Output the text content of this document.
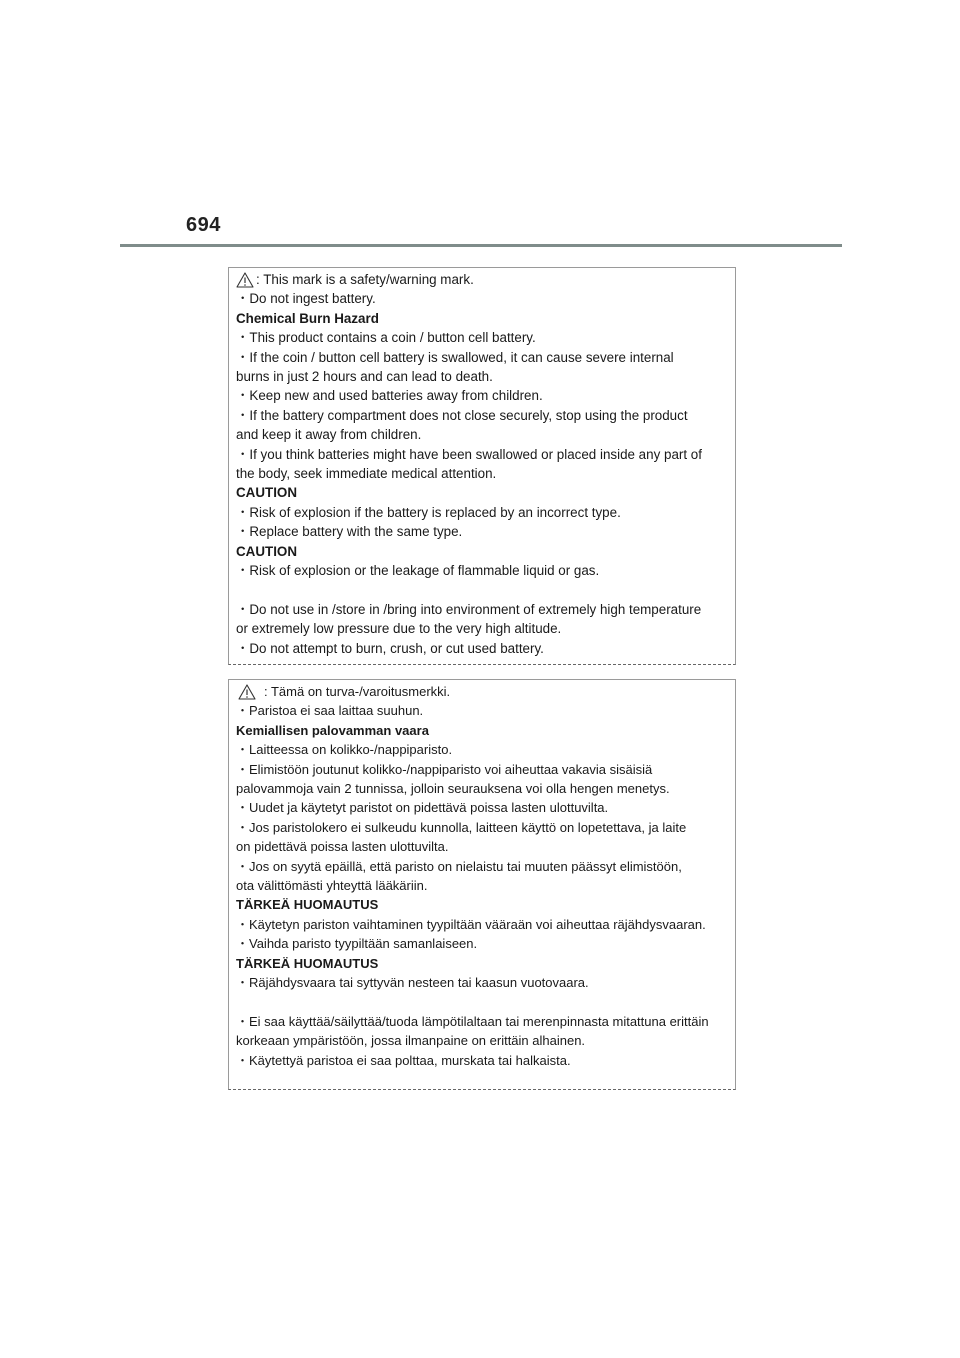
694
: This mark is a safety/warning mark.
・Do not ingest battery.
Chemical Burn Hazard
・This product contains a coin / button cell battery.
・If the coin / button cell battery is swallowed, it can cause severe internal
burns in just 2 hours and can lead to death.
・Keep new and used batteries away from children.
・If the battery compartment does not close securely, stop using the product
and keep it away from children.
・If you think batteries might have been swallowed or placed inside any part of
the body, seek immediate medical attention.
CAUTION
・Risk of explosion if the battery is replaced by an incorrect type.
・Replace battery with the same type.
CAUTION
・Risk of explosion or the leakage of flammable liquid or gas.
・Do not use in /store in /bring into environment of extremely high temperature
or extremely low pressure due to the very high altitude.
・Do not attempt to burn, crush, or cut used battery.
: Tämä on turva-/varoitusmerkki.
・Paristoa ei saa laittaa suuhun.
Kemiallisen palovamman vaara
・Laitteessa on kolikko-/nappiparisto.
・Elimistöön joutunut kolikko-/nappiparisto voi aiheuttaa vakavia sisäisiä
palovammoja vain 2 tunnissa, jolloin seurauksena voi olla hengen menetys.
・Uudet ja käytetyt paristot on pidettävä poissa lasten ulottuvilta.
・Jos paristolokero ei sulkeudu kunnolla, laitteen käyttö on lopetettava, ja laite
on pidettävä poissa lasten ulottuvilta.
・Jos on syytä epäillä, että paristo on nielaistu tai muuten päässyt elimistöön,
ota välittömästi yhteyttä lääkäriin.
TÄRKEÄ HUOMAUTUS
・Käytetyn pariston vaihtaminen tyypiltään vääraän voi aiheuttaa räjähdysvaaran.
・Vaihda paristo tyypiltään samanlaiseen.
TÄRKEÄ HUOMAUTUS
・Räjähdysvaara tai syttyvän nesteen tai kaasun vuotovaara.
・Ei saa käyttää/säilyttää/tuoda lämpötilaltaan tai merenpinnasta mitattuna erittäin
korkeaan ympäristöön, jossa ilmanpaine on erittäin alhainen.
・Käytettyä paristoa ei saa polttaa, murskata tai halkaista.
